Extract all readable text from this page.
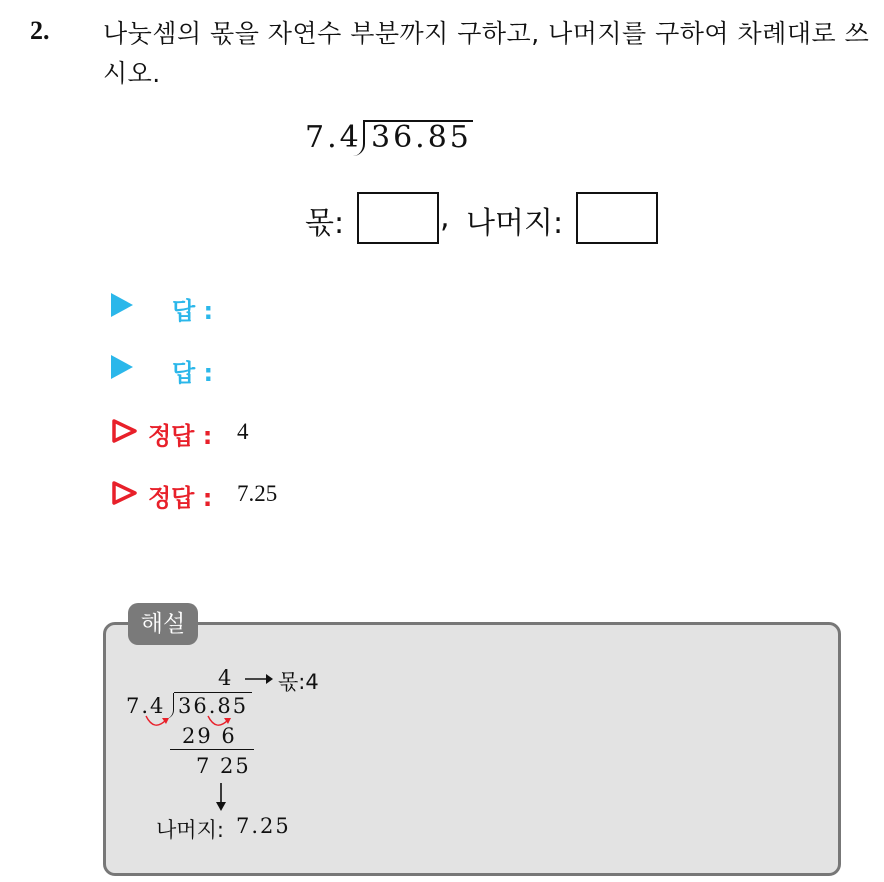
2. 나눗셈의 몫을 자연수 부분까지 구하고, 나머지를 구하여 차례대로 쓰시오.
7.4 36.85
몫:	, 나머지:
답 :
답 :
정답 : 4
정답 : 7.25
해설
4 몫:4
7.4 36.85
29 6
7 25
나머지: 7.25
